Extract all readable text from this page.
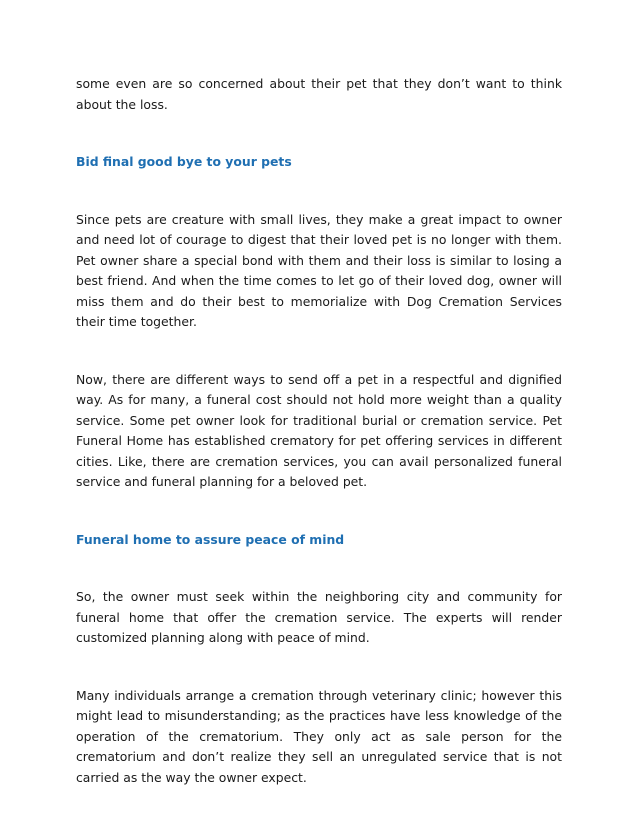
some even are so concerned about their pet that they don’t want to think about the loss.

Bid final good bye to your pets

Since pets are creature with small lives, they make a great impact to owner and need lot of courage to digest that their loved pet is no longer with them. Pet owner share a special bond with them and their loss is similar to losing a best friend. And when the time comes to let go of their loved dog, owner will miss them and do their best to memorialize with Dog Cremation Services their time together.

Now, there are different ways to send off a pet in a respectful and dignified way. As for many, a funeral cost should not hold more weight than a quality service. Some pet owner look for traditional burial or cremation service. Pet Funeral Home has established crematory for pet offering services in different cities. Like, there are cremation services, you can avail personalized funeral service and funeral planning for a beloved pet.

Funeral home to assure peace of mind

So, the owner must seek within the neighboring city and community for funeral home that offer the cremation service. The experts will render customized planning along with peace of mind.

Many individuals arrange a cremation through veterinary clinic; however this might lead to misunderstanding; as the practices have less knowledge of the operation of the crematorium. They only act as sale person for the crematorium and don’t realize they sell an unregulated service that is not carried as the way the owner expect.
